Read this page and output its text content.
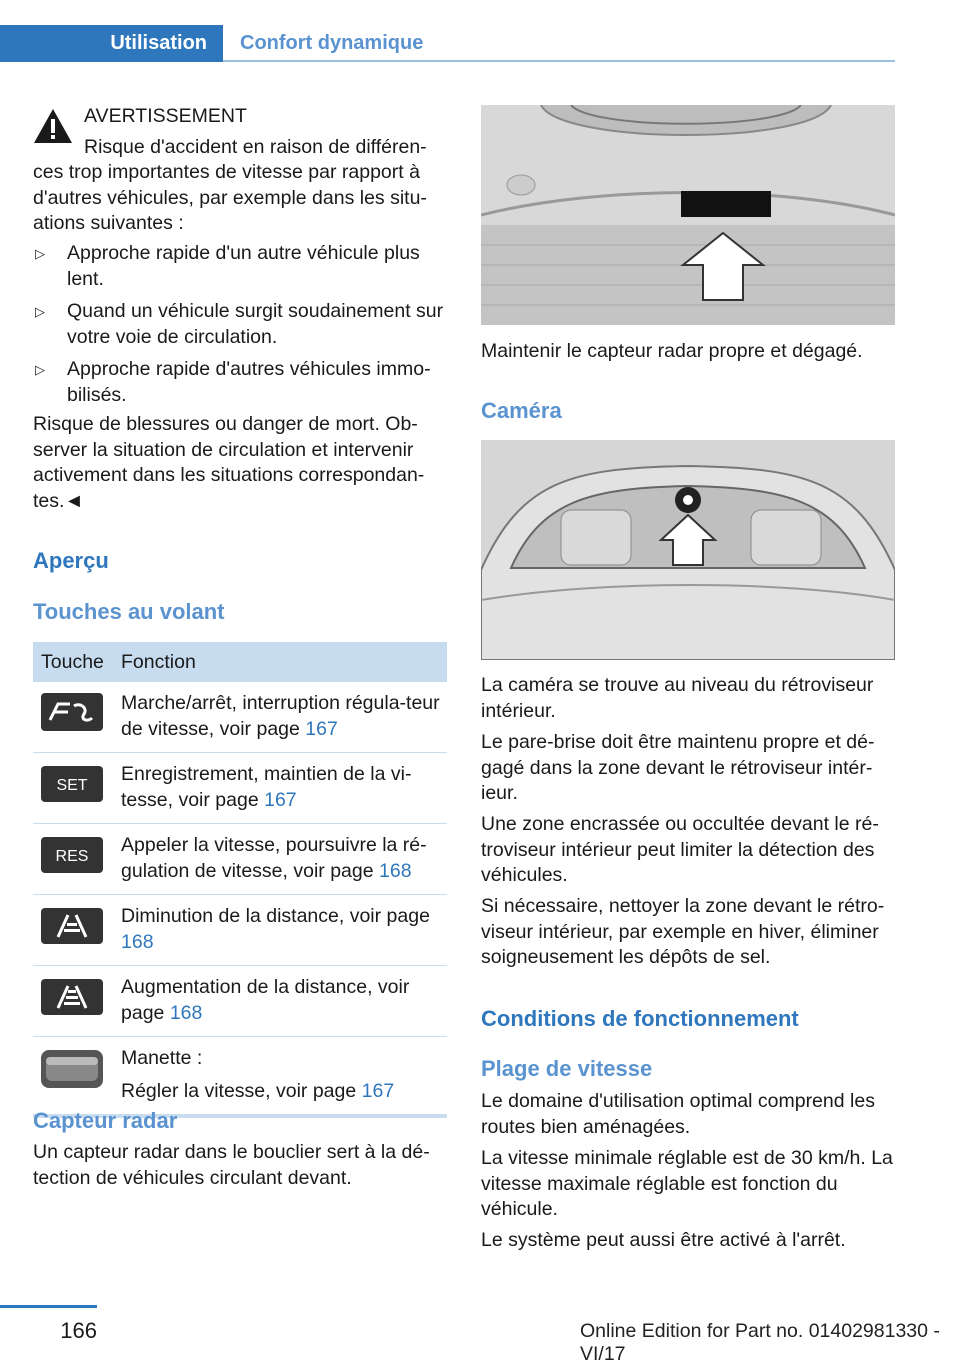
Utilisation Confort dynamique
AVERTISSEMENT
Risque d'accident en raison de différen-
ces trop importantes de vitesse par rapport à d'autres véhicules, par exemple dans les situ-ations suivantes :
▷ Approche rapide d'un autre véhicule plus lent.
▷ Quand un véhicule surgit soudainement sur votre voie de circulation.
▷ Approche rapide d'autres véhicules immo-bilisés.
Risque de blessures ou danger de mort. Ob-server la situation de circulation et intervenir activement dans les situations correspondan-tes.◄
Aperçu
Touches au volant
Touche Fonction
Marche/arrêt, interruption régula-teur de vitesse, voir page 167
SET
Enregistrement, maintien de la vi-tesse, voir page 167
RES
Appeler la vitesse, poursuivre la ré-gulation de vitesse, voir page 168
Diminution de la distance, voir page 168
Augmentation de la distance, voir page 168
Manette :
Régler la vitesse, voir page 167
Capteur radar
Un capteur radar dans le bouclier sert à la dé-tection de véhicules circulant devant.
Maintenir le capteur radar propre et dégagé.
Caméra
La caméra se trouve au niveau du rétroviseur intérieur.
Le pare-brise doit être maintenu propre et dé-gagé dans la zone devant le rétroviseur intér-ieur.
Une zone encrassée ou occultée devant le ré-troviseur intérieur peut limiter la détection des véhicules.
Si nécessaire, nettoyer la zone devant le rétro-viseur intérieur, par exemple en hiver, éliminer soigneusement les dépôts de sel.
Conditions de fonctionnement
Plage de vitesse
Le domaine d'utilisation optimal comprend les routes bien aménagées.
La vitesse minimale réglable est de 30 km/h. La vitesse maximale réglable est fonction du véhicule.
Le système peut aussi être activé à l'arrêt.
166	Online Edition for Part no. 01402981330 - VI/17
